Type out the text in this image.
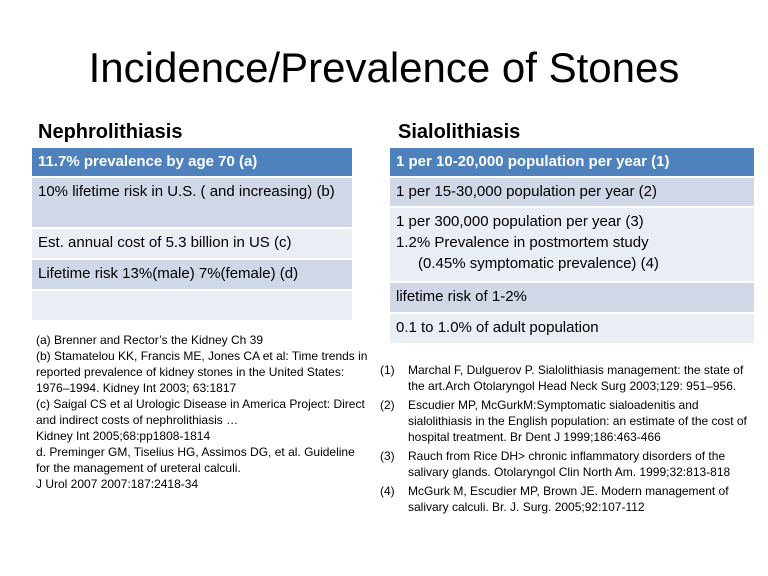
Incidence/Prevalence of Stones
Nephrolithiasis
11.7% prevalence by age 70 (a)
10% lifetime risk in U.S. ( and increasing) (b)
Est. annual cost of 5.3 billion in US (c)
Lifetime risk 13%(male) 7%(female) (d)
(a) Brenner and Rector’s the Kidney Ch 39
(b) Stamatelou KK, Francis ME, Jones CA et al: Time trends in reported prevalence of kidney stones in the United States: 1976–1994. Kidney Int 2003; 63:1817
(c) Saigal CS et al Urologic Disease in America Project: Direct and indirect costs of nephrolithiasis …
Kidney Int 2005;68:pp1808-1814
d. Preminger GM, Tiselius HG, Assimos DG, et al. Guideline for the management of ureteral calculi.
J Urol 2007 2007:187:2418-34
Sialolithiasis
1 per 10-20,000 population per year (1)
1 per 15-30,000 population per year (2)
1 per 300,000 population per year (3)
1.2% Prevalence in postmortem study
(0.45% symptomatic prevalence) (4)
lifetime risk of 1-2%
0.1 to 1.0% of adult population
(1)	Marchal F, Dulguerov P. Sialolithiasis management: the state of the art.Arch Otolaryngol Head Neck Surg 2003;129: 951–956.
(2)	Escudier MP, McGurkM:Symptomatic sialoadenitis and sialolithiasis in the English population: an estimate of the cost of hospital treatment. Br Dent J 1999;186:463-466
(3)	Rauch from Rice DH> chronic inflammatory disorders of the salivary glands. Otolaryngol Clin North Am. 1999;32:813-818
(4)	McGurk M, Escudier MP, Brown JE. Modern management of salivary calculi. Br. J. Surg. 2005;92:107-112
